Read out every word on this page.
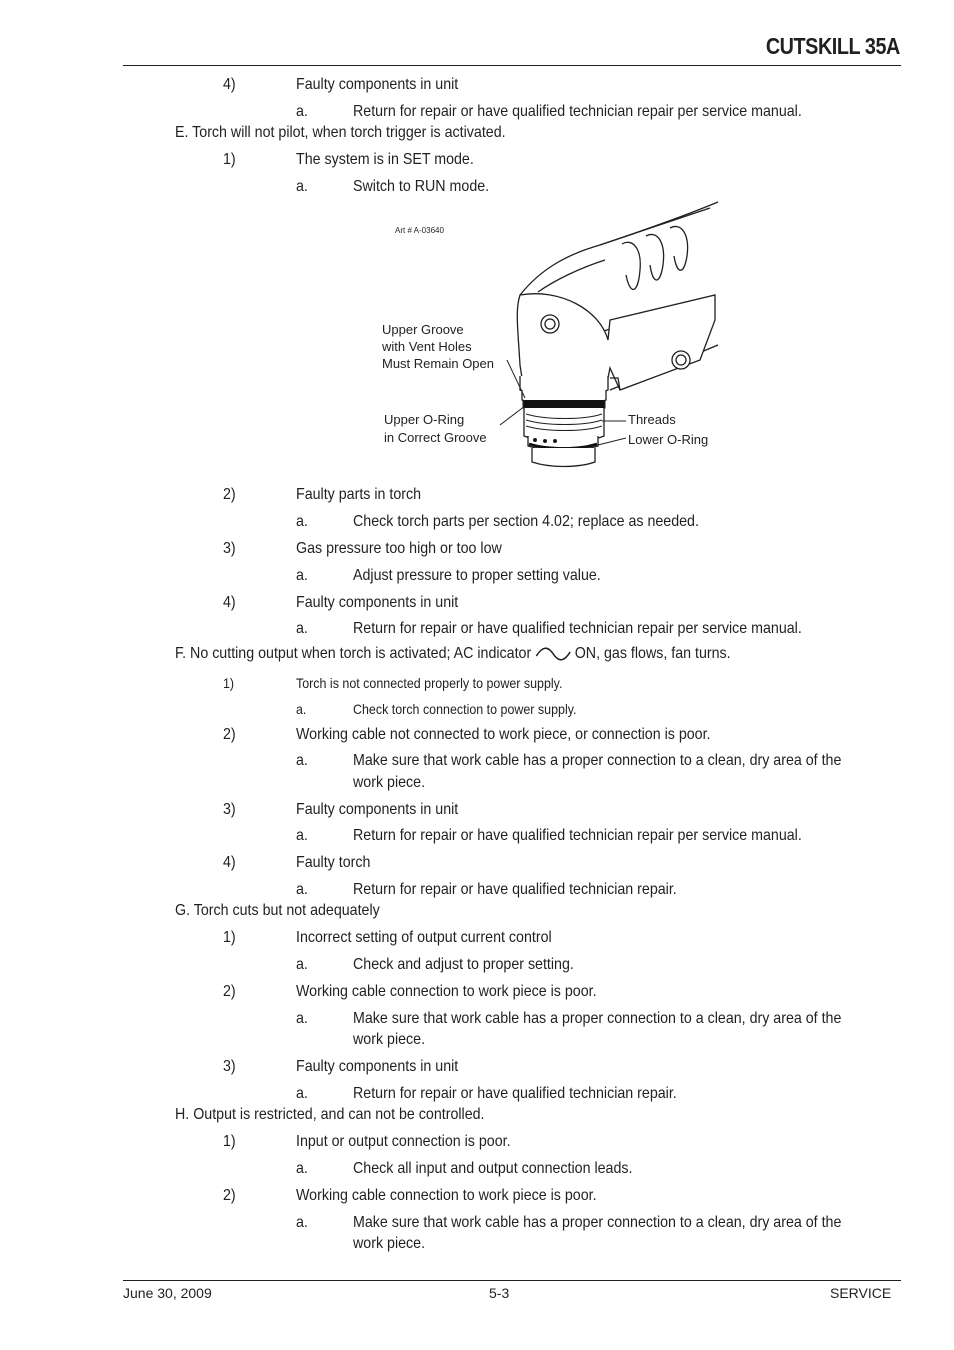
CUTSKILL 35A
4)	Faulty components in unit
a.	Return for repair or have qualified technician repair per service manual.
E. Torch will not pilot, when torch trigger is activated.
1)	The system is in SET mode.
a.	Switch to RUN mode.
2)	Faulty parts in torch
a.	Check torch parts per section 4.02; replace as needed.
3)	Gas pressure too high or too low
a.	Adjust pressure to proper setting value.
4)	Faulty components in unit
a.	Return for repair or have qualified technician repair per service manual.
1)	Torch is not connected properly to power supply.
a.	Check torch connection to power supply.
2)	Working cable not connected to work piece, or connection is poor.
a.	Make sure that work cable has a proper connection to a clean, dry area of the
work piece.
3)	Faulty components in unit
a.	Return for repair or have qualified technician repair per service manual.
4)	Faulty torch
a.	Return for repair or have qualified technician repair.
G. Torch cuts but not adequately
1)	Incorrect setting of output current control
a.	Check and adjust to proper setting.
2)	Working cable connection to work piece is poor.
a.	Make sure that work cable has a proper connection to a clean, dry area of the
work piece.
3)	Faulty components in unit
a.	Return for repair or have qualified technician repair.
H. Output is restricted, and can not be controlled.
1)	Input or output connection is poor.
a.	Check all input and output connection leads.
2)	Working cable connection to work piece is poor.
a.	Make sure that work cable has a proper connection to a clean, dry area of the
work piece.
F. No cutting output when torch is activated; AC indicator	ON, gas flows, fan turns.
Art # A-03640
Upper Groove with Vent Holes Must Remain Open
Upper O-Ring in Correct Groove
Threads
Lower O-Ring
June 30, 2009	5-3	SERVICE
